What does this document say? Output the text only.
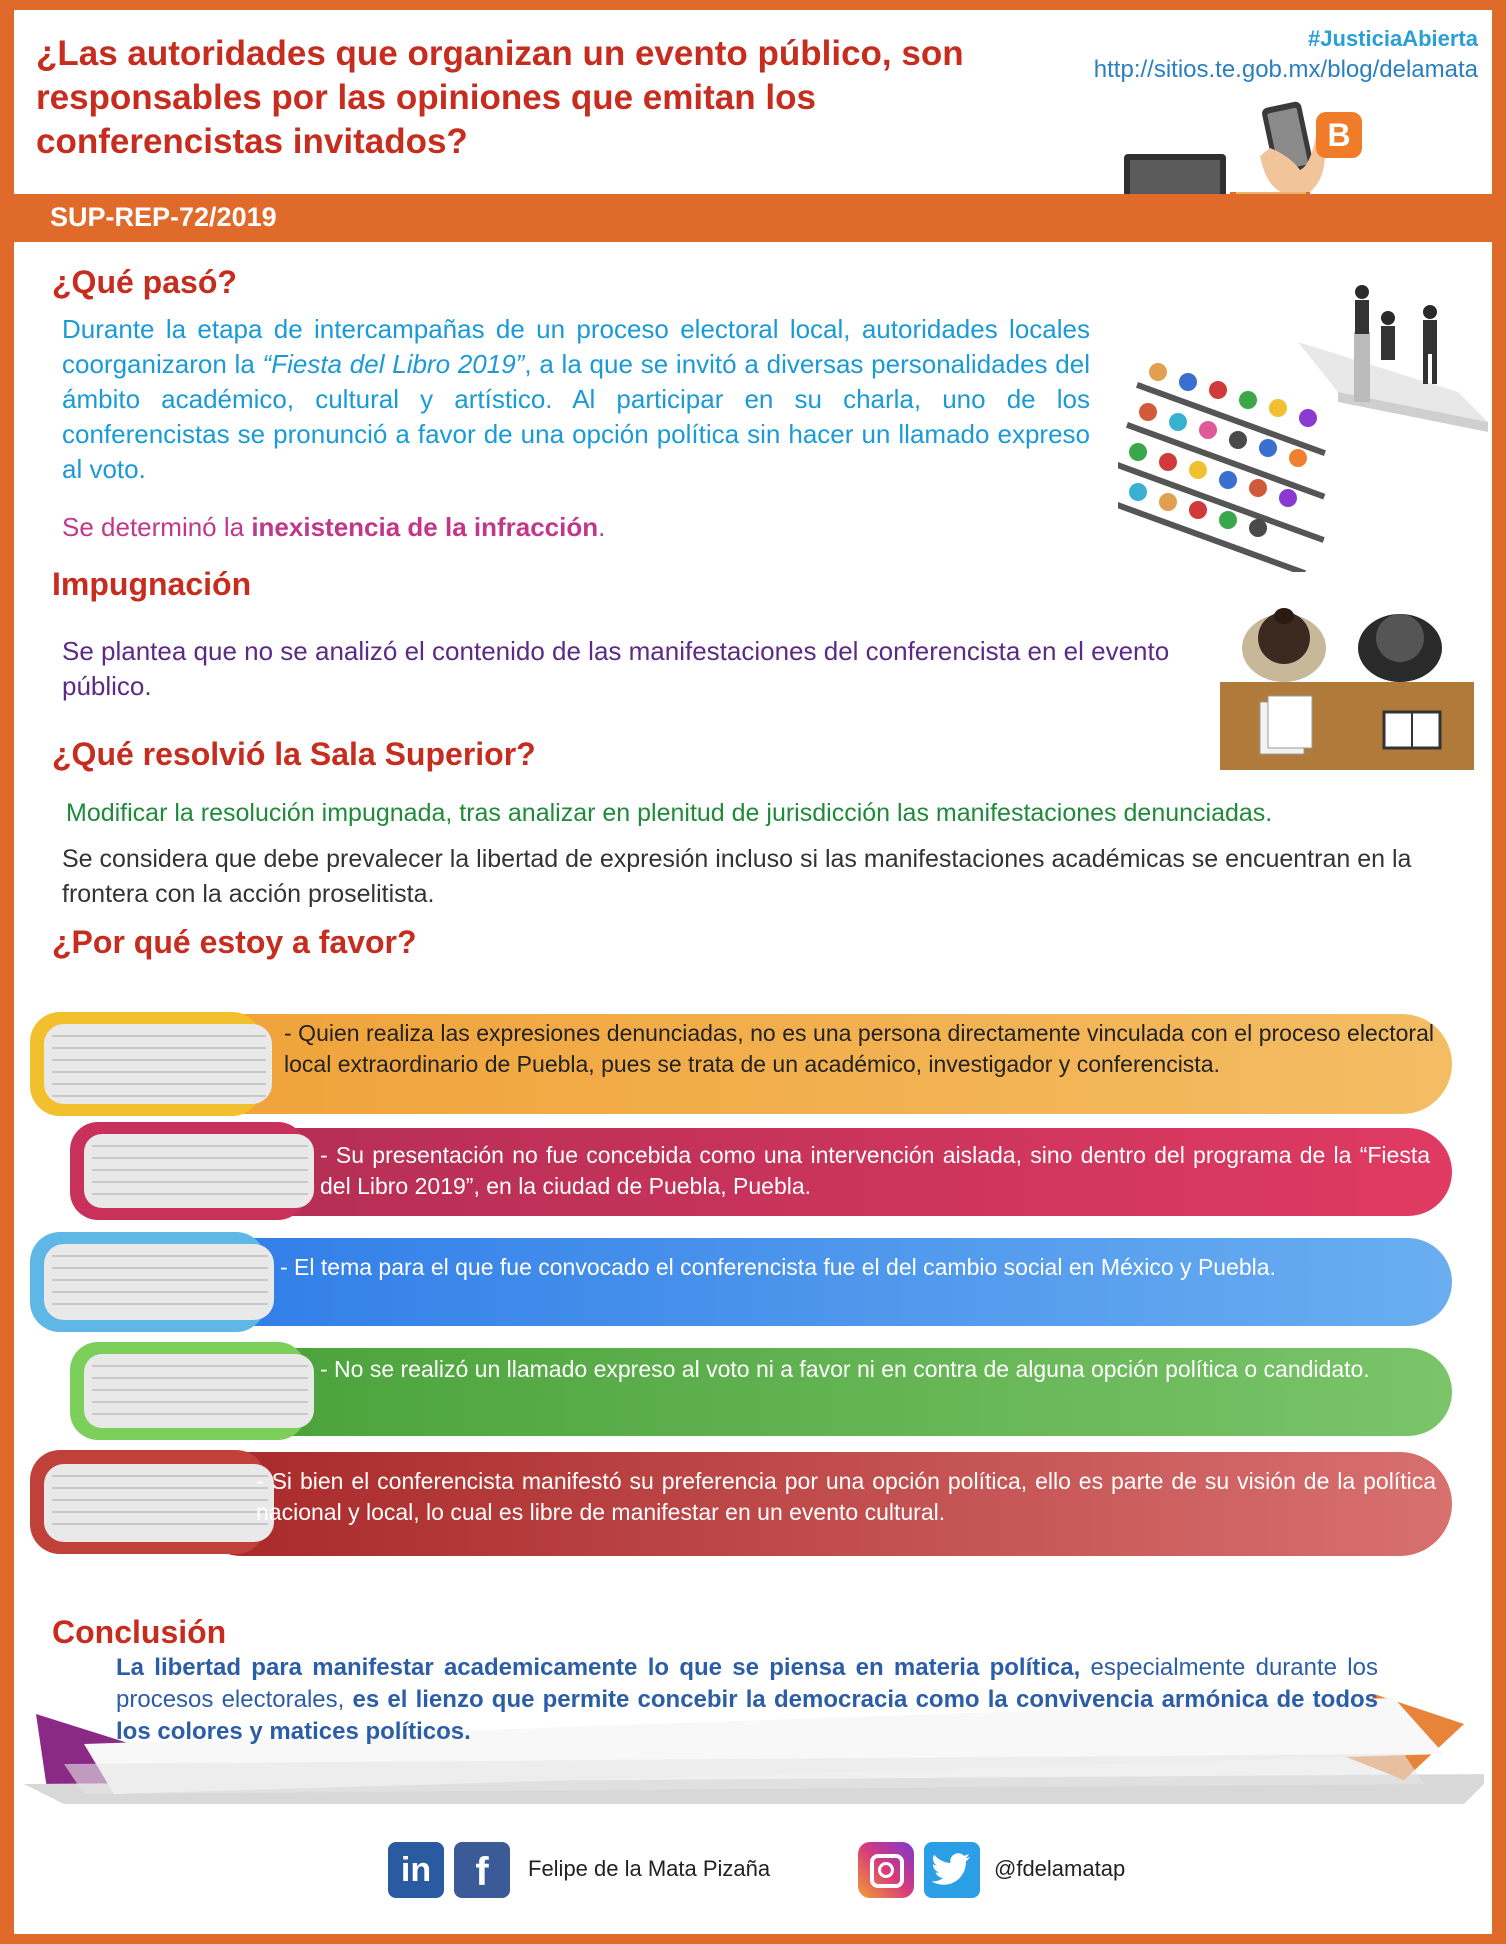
¿Las autoridades que organizan un evento público, son responsables por las opiniones que emitan los conferencistas invitados?
#JusticiaAbierta
http://sitios.te.gob.mx/blog/delamata
B
SUP-REP-72/2019
¿Qué pasó?
Durante la etapa de intercampañas de un proceso electoral local, autoridades locales coorganizaron la “Fiesta del Libro 2019”, a la que se invitó a diversas personalidades del ámbito académico, cultural y artístico. Al participar en su charla, uno de los conferencistas se pronunció a favor de una opción política sin hacer un llamado expreso al voto.
Se determinó la inexistencia de la infracción.
Impugnación
Se plantea que no se analizó el contenido de las manifestaciones del conferencista en el evento público.
¿Qué resolvió la Sala Superior?
Modificar la resolución impugnada, tras analizar en plenitud de jurisdicción las manifestaciones denunciadas.
Se considera que debe prevalecer la libertad de expresión incluso si las manifestaciones académicas se encuentran en la frontera con la acción proselitista.
¿Por qué estoy a favor?
- Quien realiza las expresiones denunciadas, no es una persona directamente vinculada con el proceso electoral local extraordinario de Puebla, pues se trata de un académico, investigador y conferencista.
- Su presentación no fue concebida como una intervención aislada, sino dentro del programa de la “Fiesta del Libro 2019”, en la ciudad de Puebla, Puebla.
- El tema para el que fue convocado el conferencista fue el del cambio social en México y Puebla.
- No se realizó un llamado expreso al voto ni a favor ni en contra de alguna opción política o candidato.
- Si bien el conferencista manifestó su preferencia por una opción política, ello es parte de su visión de la política nacional y local, lo cual es libre de manifestar en un evento cultural.
Conclusión
La libertad para manifestar academicamente lo que se piensa en materia política, especialmente durante los procesos electorales, es el lienzo que permite concebir la democracia como la convivencia armónica de todos los colores y matices políticos.
in	f	Felipe de la Mata Pizaña	@fdelamatap
